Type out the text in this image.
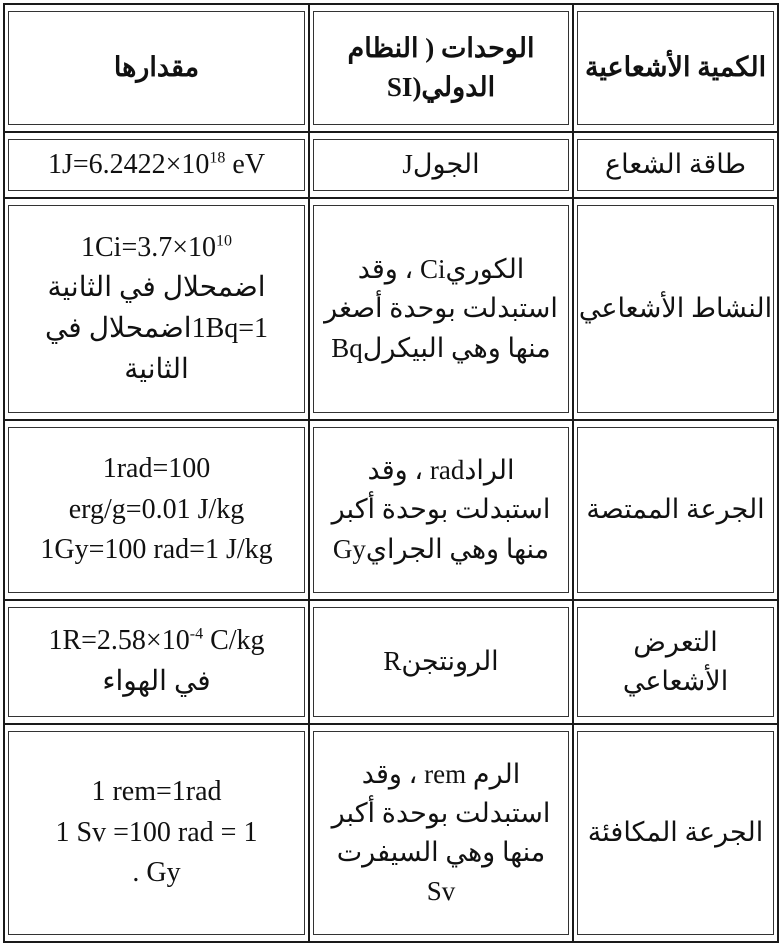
الكمية الأشعاعية	الوحدات ( النظام
الدولي(SI	مقدارها

طاقة الشعاع	الجولJ	$1J=6.2422\times 10^{18}$ eV

النشاط الأشعاعي	الكوريCi ، وقد
استبدلت بوحدة أصغر
منها وهي البيكرلBq	$1Ci=3.7\times 10^{10}$
اضمحلال في الثانية
1Bq=1اضمحلال في
الثانية

الجرعة الممتصة	الرادrad ، وقد
استبدلت بوحدة أكبر
منها وهي الجرايGy	1rad=100
erg/g=0.01 J/kg
1Gy=100 rad=1 J/kg

التعرض
الأشعاعي	الرونتجنR	$1R=2.58\times 10^{-4}$ C/kg
في الهواء

الجرعة المكافئة	الرم rem ، وقد
استبدلت بوحدة أكبر
منها وهي السيفرت
Sv	1 rem=1rad
1 Sv =100 rad = 1
. Gy
